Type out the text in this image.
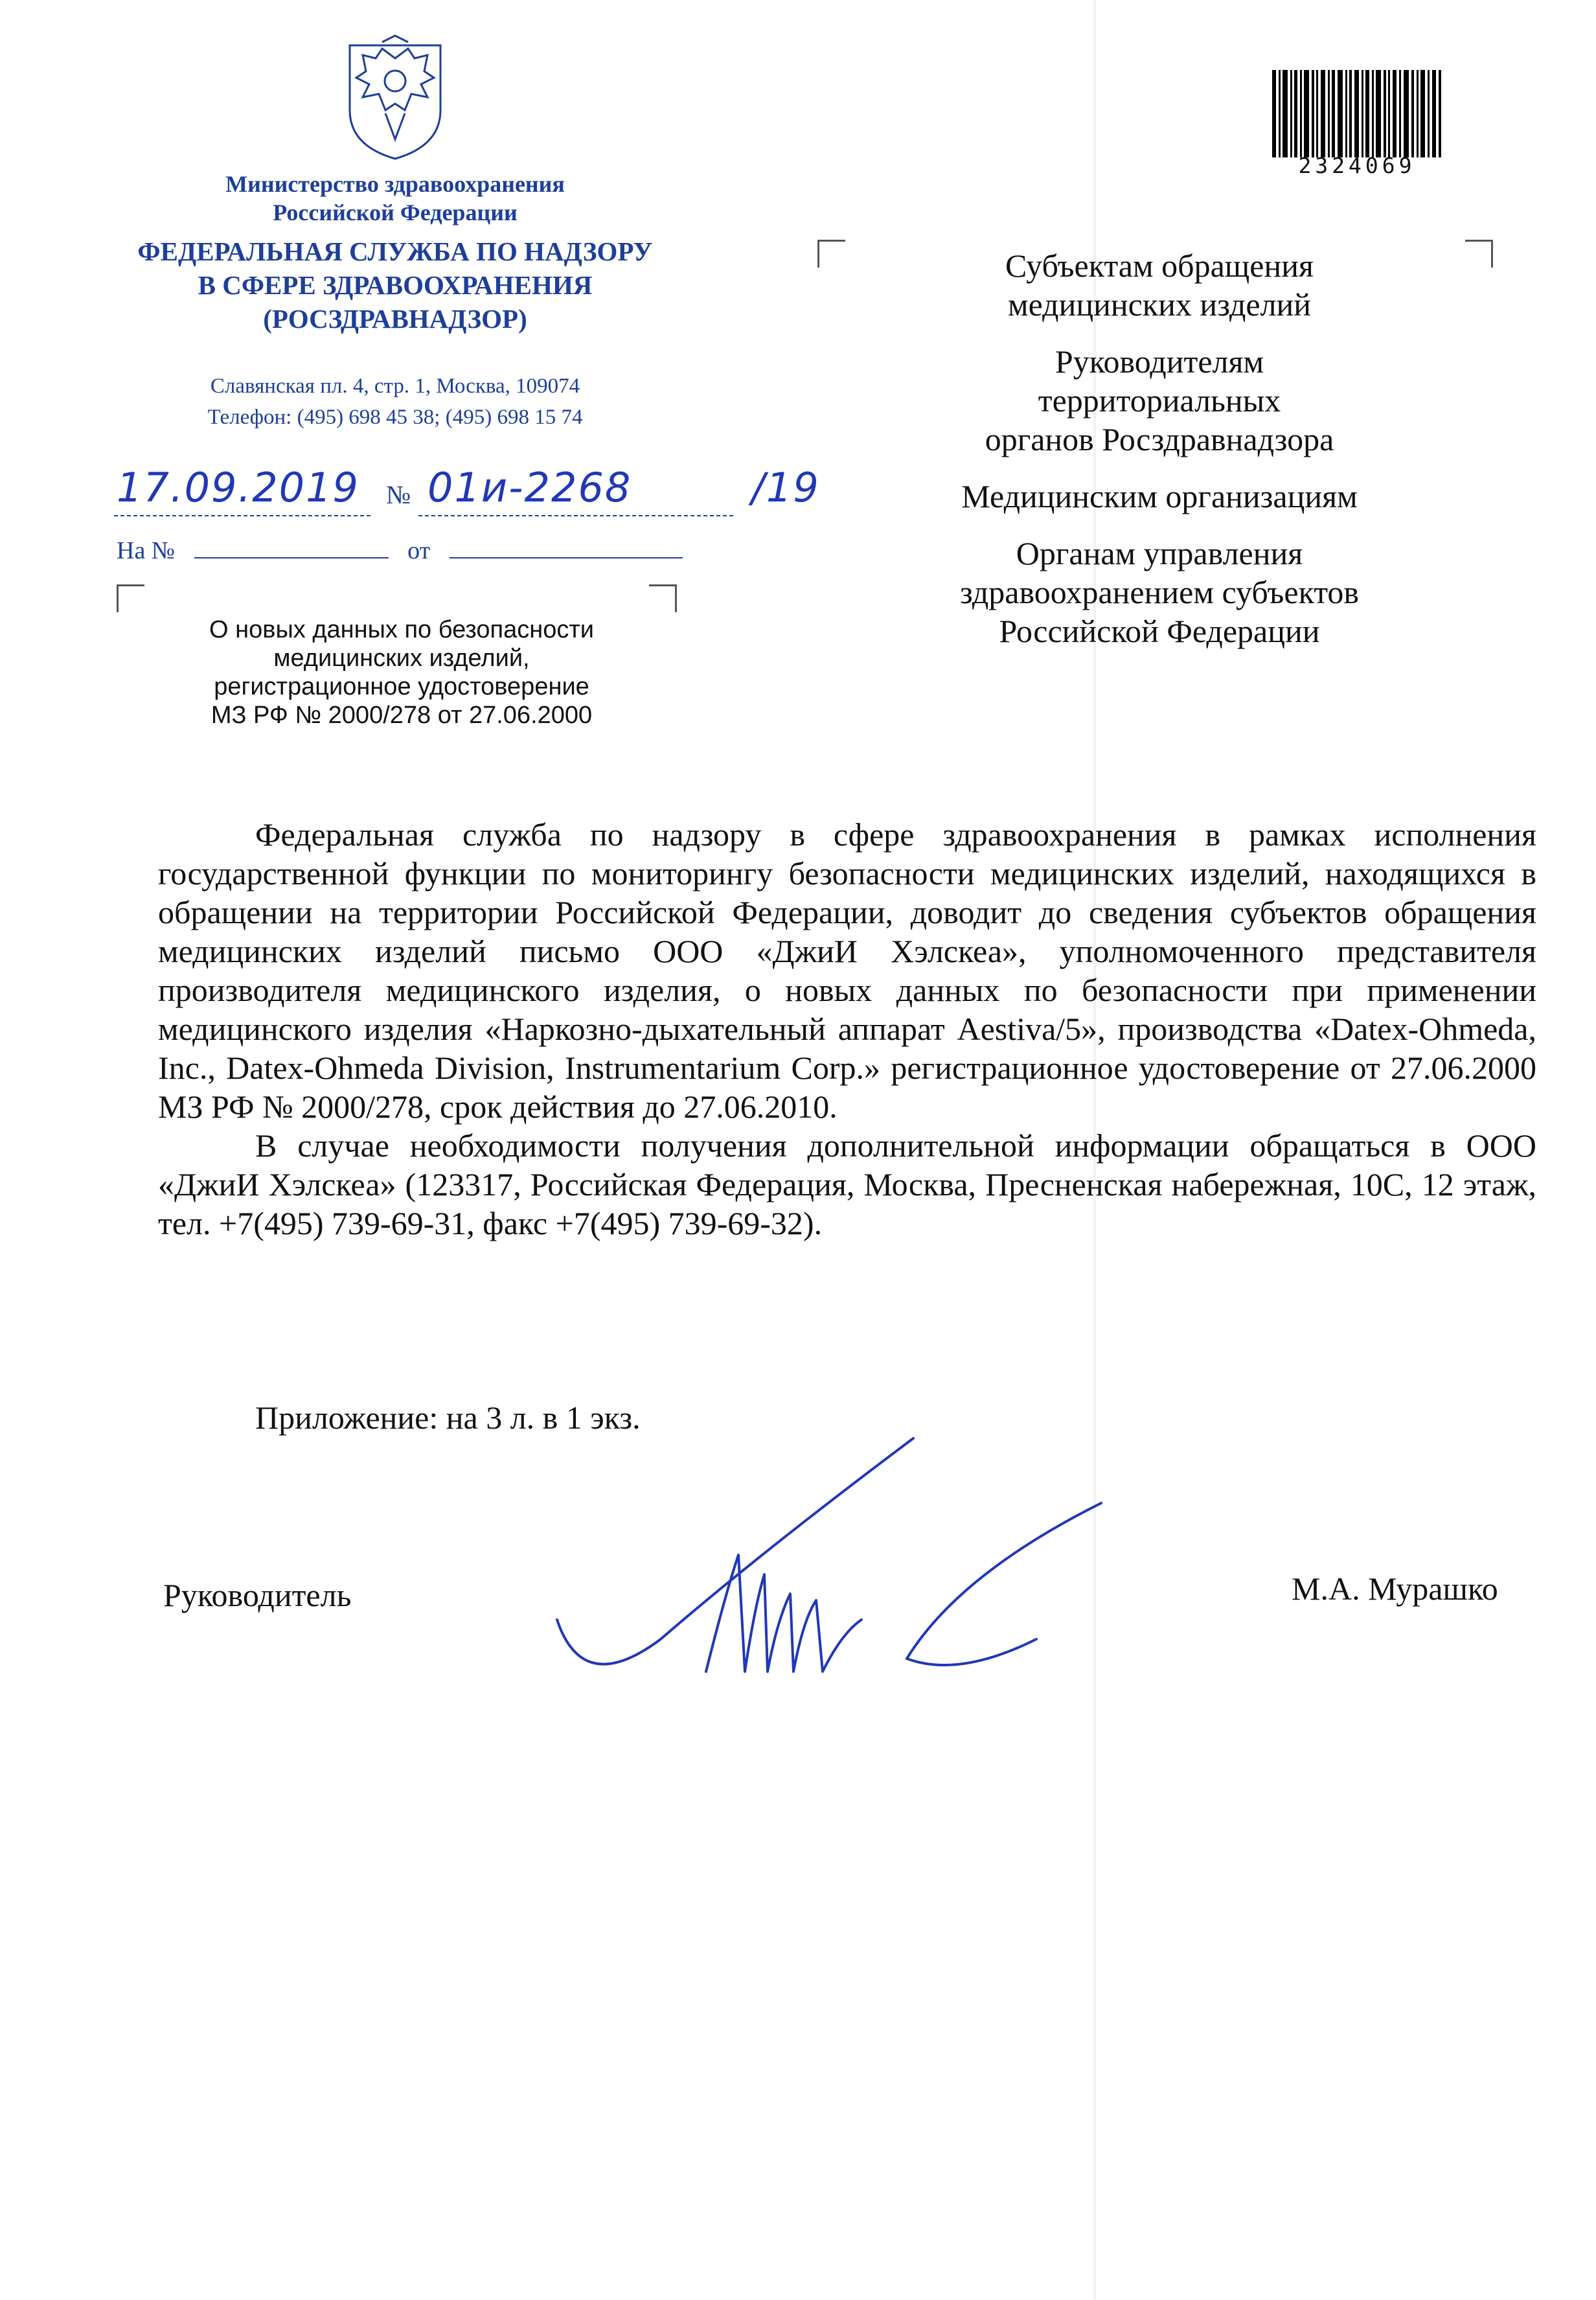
Министерство здравоохранения
Российской Федерации
ФЕДЕРАЛЬНАЯ СЛУЖБА ПО НАДЗОРУ
В СФЕРЕ ЗДРАВООХРАНЕНИЯ
(РОСЗДРАВНАДЗОР)
Славянская пл. 4, стр. 1, Москва, 109074
Телефон: (495) 698 45 38; (495) 698 15 74
17.09.2019 № 01и-2268	/19
На №	от
О новых данных по безопасности
медицинских изделий,
регистрационное удостоверение
МЗ РФ № 2000/278 от 27.06.2000
2324069
Субъектам обращения
медицинских изделий
Руководителям
территориальных
органов Росздравнадзора
Медицинским организациям
Органам управления
здравоохранением субъектов
Российской Федерации

Федеральная служба по надзору в сфере здравоохранения в рамках исполнения государственной функции по мониторингу безопасности медицинских изделий, находящихся в обращении на территории Российской Федерации, доводит до сведения субъектов обращения медицинских изделий письмо ООО «ДжиИ Хэлскеа», уполномоченного представителя производителя медицинского изделия, о новых данных по безопасности при применении медицинского изделия «Наркозно-дыхательный аппарат Aestiva/5», производства «Datex-Ohmeda, Inc., Datex-Ohmeda Division, Instrumentarium Corp.» регистрационное удостоверение от 27.06.2000 МЗ РФ № 2000/278, срок действия до 27.06.2010.

В случае необходимости получения дополнительной информации обращаться в ООО «ДжиИ Хэлскеа» (123317, Российская Федерация, Москва, Пресненская набережная, 10С, 12 этаж, тел. +7(495) 739-69-31, факс +7(495) 739-69-32).

Приложение: на 3 л. в 1 экз.
Руководитель	М.А. Мурашко
